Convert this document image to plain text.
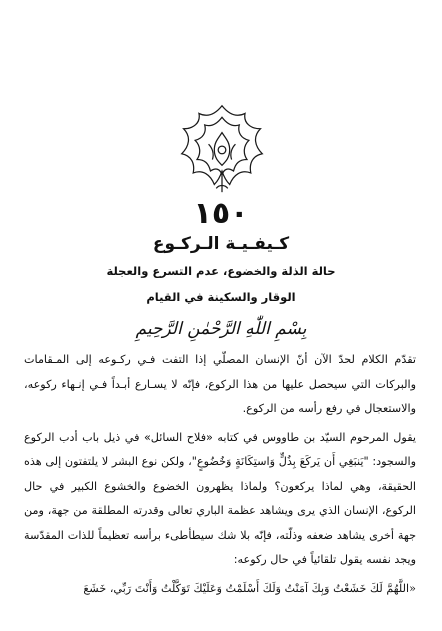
١٥٠
كـيفـيـة الـركـوع
حالة الذلة والخضوع، عدم التسرع والعجلة
الوقار والسكينة في القيام
بِسْمِ اللّٰهِ الرَّحْمٰنِ الرَّحِيمِ

تقدّم الكلام لحدّ الآن أنّ الإنسان المصلّي إذا التفت فـي ركـوعه إلى المـقامات والبركات التي سيحصل عليها من هذا الركوع، فإنّه لا يسـارع أبـداً فـي إنـهاء ركوعه، والاستعجال في رفع رأسه من الركوع.

يقول المرحوم السيّد بن طاووس في كتابه «فلاح السائل» في ذيل باب أدب الركوع والسجود: "يَنبَغِي أَن يَركَعَ بِذُلٍّ وَاستِكَانَةٍ وَخُضُوعٍ"، ولكن نوع البشر لا يلتفتون إلى هذه الحقيقة، وهي لماذا يركعون؟ ولماذا يظهرون الخضوع والخشوع الكبير في حال الركوع، الإنسان الذي يرى ويشاهد عظمة الباري تعالى وقدرته المطلقة من جهة، ومن جهة أخرى يشاهد ضعفه وذلّته، فإنّه بلا شك سيطأطىء برأسه تعظيماً للذات المقدّسة ويجد نفسه يقول تلقائياً في حال ركوعه:

«اللَّهُمَّ لَكَ خَشَعْتُ وَبِكَ آمَنْتُ وَلَكَ أَسْلَمْتُ وَعَلَيْكَ تَوَكَّلْتُ وَأَنْتَ رَبِّي، خَشَعَ
